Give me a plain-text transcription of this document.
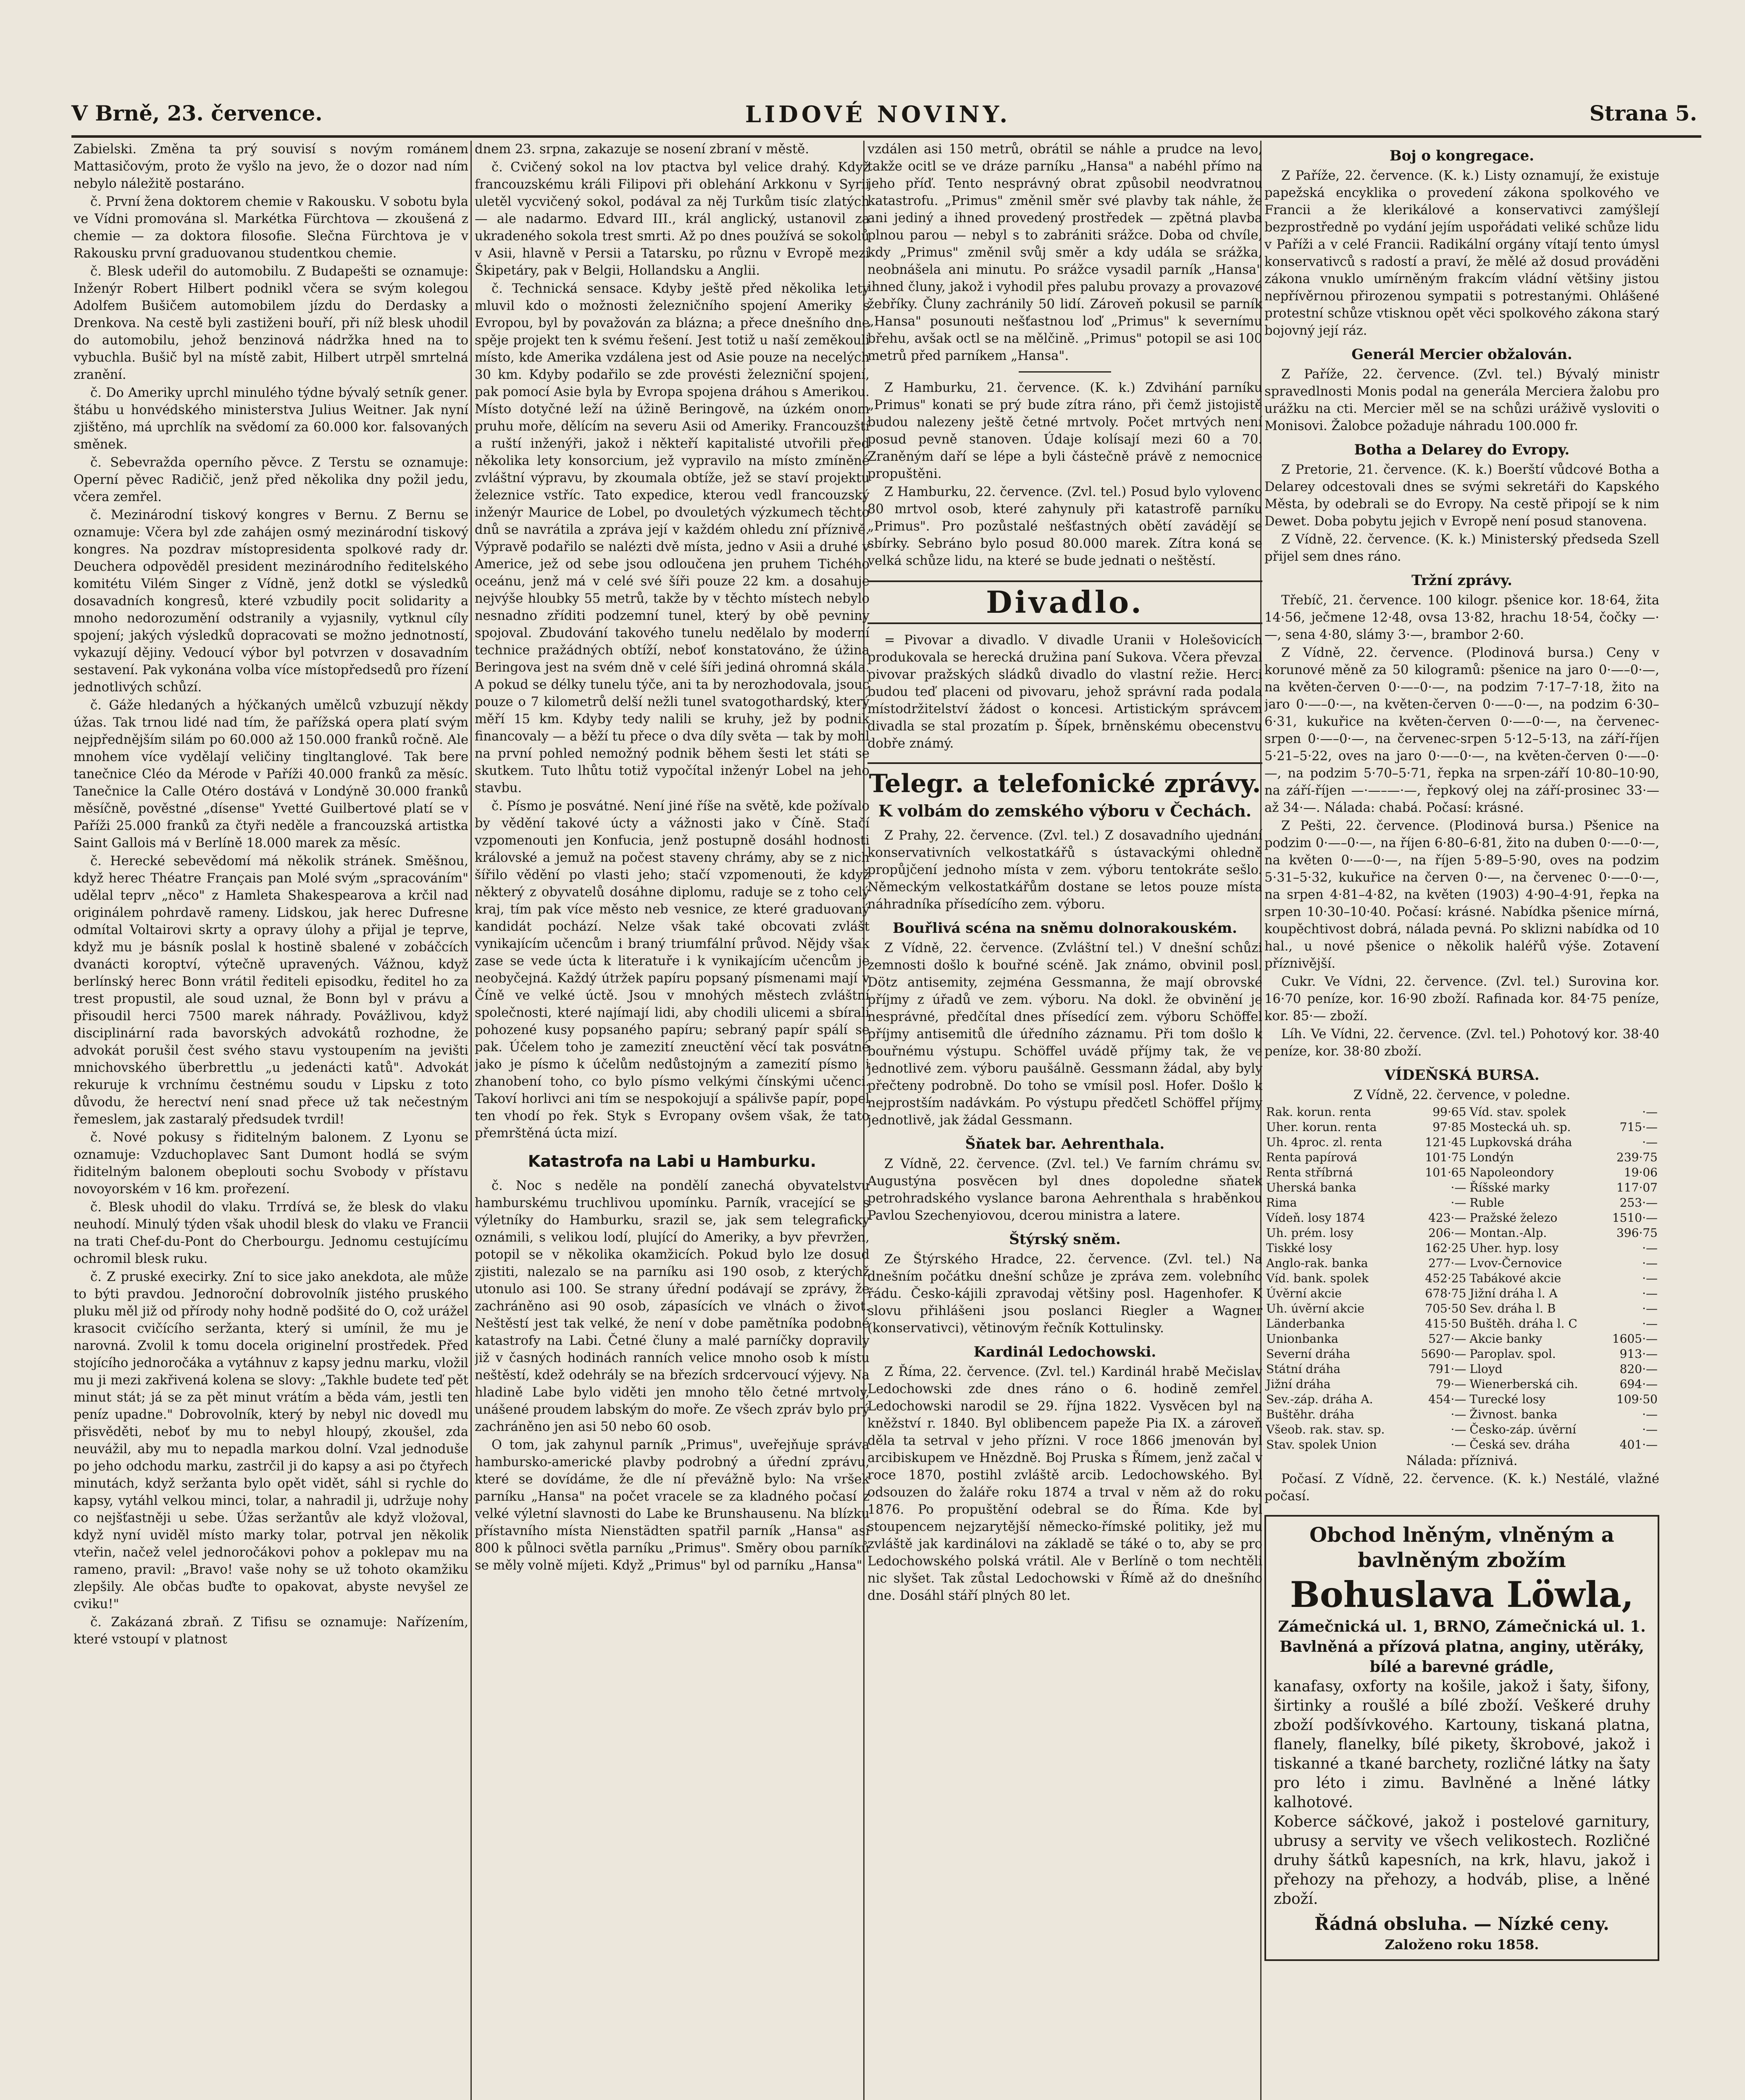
V Brně, 23. července.	LIDOVÉ NOVINY.	Strana 5.

Zabielski. Změna ta prý souvisí s novým románem Mattasičovým, proto že vyšlo na jevo, že o dozor nad ním nebylo náležitě postaráno.

č. První žena doktorem chemie v Rakousku. V sobotu byla ve Vídni promována sl. Markétka Fürchtova — zkoušená z chemie — za doktora filosofie. Slečna Fürchtova je v Rakousku první graduovanou studentkou chemie.

č. Blesk udeřil do automobilu. Z Budapešti se oznamuje: Inženýr Robert Hilbert podnikl včera se svým kolegou Adolfem Bušičem automobilem jízdu do Derdasky a Drenkova. Na cestě byli zastiženi bouří, při níž blesk uhodil do automobilu, jehož benzinová nádržka hned na to vybuchla. Bušič byl na místě zabit, Hilbert utrpěl smrtelná zranění.

č. Do Ameriky uprchl minulého týdne bývalý setník gener. štábu u honvédského ministerstva Julius Weitner. Jak nyní zjištěno, má uprchlík na svědomí za 60.000 kor. falsovaných směnek.

č. Sebevražda operního pěvce. Z Terstu se oznamuje: Operní pěvec Radičič, jenž před několika dny požil jedu, včera zemřel.

č. Mezinárodní tiskový kongres v Bernu. Z Bernu se oznamuje: Včera byl zde zahájen osmý mezinárodní tiskový kongres. Na pozdrav místopresidenta spolkové rady dr. Deuchera odpověděl president mezinárodního ředitelského komitétu Vilém Singer z Vídně, jenž dotkl se výsledků dosavadních kongresů, které vzbudily pocit solidarity a mnoho nedorozumění odstranily a vyjasnily, vytknul cíly spojení; jakých výsledků dopracovati se možno jednotností, vykazují dějiny. Vedoucí výbor byl potvrzen v dosavadním sestavení. Pak vykonána volba více místopředsedů pro řízení jednotlivých schůzí.

č. Gáže hledaných a hýčkaných umělců vzbuzují někdy úžas. Tak trnou lidé nad tím, že pařížská opera platí svým nejpřednějším silám po 60.000 až 150.000 franků ročně. Ale mnohem více vydělají veličiny tingltanglové. Tak bere tanečnice Cléo da Mérode v Paříži 40.000 franků za měsíc. Tanečnice la Calle Otéro dostává v Londýně 30.000 franků měsíčně, pověstné „dísense" Yvetté Guilbertové platí se v Paříži 25.000 franků za čtyři neděle a francouzská artistka Saint Gallois má v Berlíně 18.000 marek za měsíc.

č. Herecké sebevědomí má několik stránek. Směšnou, když herec Théatre Français pan Molé svým „spracováním" udělal teprv „něco" z Hamleta Shakespearova a krčil nad originálem pohrdavě rameny. Lidskou, jak herec Dufresne odmítal Voltairovi skrty a opravy úlohy a přijal je teprve, když mu je básník poslal k hostině sbalené v zobáčcích dvanácti koroptví, výtečně upravených. Vážnou, když berlínský herec Bonn vrátil řediteli episodku, ředitel ho za trest propustil, ale soud uznal, že Bonn byl v právu a přisoudil herci 7500 marek náhrady. Povážlivou, když disciplinární rada bavorských advokátů rozhodne, že advokát porušil čest svého stavu vystoupením na jevišti mnichovského überbrettlu „u jedenácti katů". Advokát rekuruje k vrchnímu čestnému soudu v Lipsku z toto důvodu, že herectví není snad přece už tak nečestným řemeslem, jak zastaralý předsudek tvrdil!

č. Nové pokusy s řiditelným balonem. Z Lyonu se oznamuje: Vzduchoplavec Sant Dumont hodlá se svým řiditelným balonem obeplouti sochu Svobody v přístavu novoyorském v 16 km. prořezení.

č. Blesk uhodil do vlaku. Trrdívá se, že blesk do vlaku neuhodí. Minulý týden však uhodil blesk do vlaku ve Francii na trati Chef-du-Pont do Cherbourgu. Jednomu cestujícímu ochromil blesk ruku.

č. Z pruské execirky. Zní to sice jako anekdota, ale může to býti pravdou. Jednoroční dobrovolník jistého pruského pluku měl již od přírody nohy hodně podšité do O, což urážel krasocit cvičícího seržanta, který si umínil, že mu je narovná. Zvolil k tomu docela originelní prostředek. Před stojícího jednoročáka a vytáhnuv z kapsy jednu marku, vložil mu ji mezi zakřivená kolena se slovy: „Takhle budete teď pět minut stát; já se za pět minut vrátím a běda vám, jestli ten peníz upadne." Dobrovolník, který by nebyl nic dovedl mu přisvěděti, neboť by mu to nebyl hloupý, zkoušel, zda neuvážil, aby mu to nepadla markou dolní. Vzal jednoduše po jeho odchodu marku, zastrčil ji do kapsy a asi po čtyřech minutách, když seržanta bylo opět vidět, sáhl si rychle do kapsy, vytáhl velkou minci, tolar, a nahradil ji, udržuje nohy co nejšťastněji u sebe. Úžas seržantův ale když vložoval, když nyní uviděl místo marky tolar, potrval jen několik vteřin, načež velel jednoročákovi pohov a poklepav mu na rameno, pravil: „Bravo! vaše nohy se už tohoto okamžiku zlepšily. Ale občas buďte to opakovat, abyste nevyšel ze cviku!"

č. Zakázaná zbraň. Z Tifisu se oznamuje: Nařízením, které vstoupí v platnost

dnem 23. srpna, zakazuje se nosení zbraní v městě.

č. Cvičený sokol na lov ptactva byl velice drahý. Když francouzskému králi Filipovi při oblehání Arkkonu v Syrii uletěl vycvičený sokol, podával za něj Turkům tisíc zlatých — ale nadarmo. Edvard III., král anglický, ustanovil za ukradeného sokola trest smrti. Až po dnes používá se sokolů v Asii, hlavně v Persii a Tatarsku, po různu v Evropě mezi Škipetáry, pak v Belgii, Hollandsku a Anglii.

č. Technická sensace. Kdyby ještě před několika lety mluvil kdo o možnosti železničního spojení Ameriky s Evropou, byl by považován za blázna; a přece dnešního dne spěje projekt ten k svému řešení. Jest totiž u naší zeměkouli místo, kde Amerika vzdálena jest od Asie pouze na necelých 30 km. Kdyby podařilo se zde provésti železniční spojení, pak pomocí Asie byla by Evropa spojena dráhou s Amerikou. Místo dotyčné leží na úžině Beringově, na úzkém onom pruhu moře, dělícím na severu Asii od Ameriky. Francouzští a ruští inženýři, jakož i někteří kapitalisté utvořili před několika lety konsorcium, jež vypravilo na místo zmíněné zvláštní výpravu, by zkoumala obtíže, jež se staví projektu železnice vstříc. Tato expedice, kterou vedl francouzský inženýr Maurice de Lobel, po dvouletých výzkumech těchto dnů se navrátila a zpráva její v každém ohledu zní příznivě. Výpravě podařilo se nalézti dvě místa, jedno v Asii a druhé v Americe, jež od sebe jsou odloučena jen pruhem Tichého oceánu, jenž má v celé své šíři pouze 22 km. a dosahuje nejvýše hloubky 55 metrů, takže by v těchto místech nebylo nesnadno zříditi podzemní tunel, který by obě pevniny spojoval. Zbudování takového tunelu nedělalo by moderní technice pražádných obtíží, neboť konstatováno, že úžina Beringova jest na svém dně v celé šíři jediná ohromná skála. A pokud se délky tunelu týče, ani ta by nerozhodovala, jsouc pouze o 7 kilometrů delší nežli tunel svatogothardský, který měří 15 km. Kdyby tedy nalili se kruhy, jež by podnik financovaly — a běží tu přece o dva díly světa — tak by mohl na první pohled nemožný podnik během šesti let státi se skutkem. Tuto lhůtu totiž vypočítal inženýr Lobel na jeho stavbu.

č. Písmo je posvátné. Není jiné říše na světě, kde požívalo by vědění takové úcty a vážnosti jako v Číně. Stačí vzpomenouti jen Konfucia, jenž postupně dosáhl hodnosti královské a jemuž na počest staveny chrámy, aby se z nich šířilo vědění po vlasti jeho; stačí vzpomenouti, že když některý z obyvatelů dosáhne diplomu, raduje se z toho celý kraj, tím pak více město neb vesnice, ze které graduovaný kandidát pochází. Nelze však také obcovati zvlášt vynikajícím učencům i braný triumfální průvod. Nějdy však zase se vede úcta k literatuře i k vynikajícím učencům je neobyčejná. Každý útržek papíru popsaný písmenami mají v Číně ve velké úctě. Jsou v mnohých městech zvláštní společnosti, které najímají lidi, aby chodili ulicemi a sbírali pohozené kusy popsaného papíru; sebraný papír spálí se pak. Účelem toho je zamezití zneuctění věcí tak posvátné jako je písmo k účelům nedůstojným a zamezití písmo i zhanobení toho, co bylo písmo velkými čínskými učenci. Takoví horlivci ani tím se nespokojují a spálivše papír, popel ten vhodí po řek. Styk s Evropany ovšem však, že tato přemrštěná úcta mizí.

Katastrofa na Labi u Hamburku.

č. Noc s neděle na pondělí zanechá obyvatelstvu hamburskému truchlivou upomínku. Parník, vracející se s výletníky do Hamburku, srazil se, jak sem telegraficky oznámili, s velikou lodí, plující do Ameriky, a byv převržen, potopil se v několika okamžicích. Pokud bylo lze dosud zjistiti, nalezalo se na parníku asi 190 osob, z kterýchž utonulo asi 100. Se strany úřední podávají se zprávy, že zachráněno asi 90 osob, zápasících ve vlnách o život. Neštěstí jest tak velké, že není v dobe pamětníka podobné katastrofy na Labi. Četné čluny a malé parníčky dopravily již v časných hodinách ranních velice mnoho osob k místu neštěstí, kdež odehrály se na březích srdcervoucí výjevy. Na hladině Labe bylo viděti jen mnoho tělo četné mrtvoly, unášené proudem labským do moře. Ze všech zpráv bylo prý zachráněno jen asi 50 nebo 60 osob.

O tom, jak zahynul parník „Primus", uveřejňuje správa hambursko-americké plavby podrobný a úřední zprávu, které se dovídáme, že dle ní převážně bylo: Na vršek parníku „Hansa" na počet vracele se za kladného počasí z velké výletní slavnosti do Labe ke Brunshausenu. Na blízku přístavního místa Nienstädten spatřil parník „Hansa" asi 800 k půlnoci světla parníku „Primus". Směry obou parníků se měly volně míjeti. Když „Primus" byl od parníku „Hansa"

vzdálen asi 150 metrů, obrátil se náhle a prudce na levo, takže ocitl se ve dráze parníku „Hansa" a nabéhl přímo na jeho příď. Tento nesprávný obrat způsobil neodvratnou katastrofu. „Primus" změnil směr své plavby tak náhle, že ani jediný a ihned provedený prostředek — zpětná plavba plnou parou — nebyl s to zabrániti srážce. Doba od chvíle, kdy „Primus" změnil svůj směr a kdy udála se srážka, neobnášela ani minutu. Po srážce vysadil parník „Hansa" ihned čluny, jakož i vyhodil přes palubu provazy a provazové žebříky. Čluny zachránily 50 lidí. Zároveň pokusil se parník „Hansa" posunouti nešťastnou loď „Primus" k severnímu břehu, avšak octl se na mělčině. „Primus" potopil se asi 100 metrů před parníkem „Hansa".

Z Hamburku, 21. července. (K. k.) Zdvihání parníku „Primus" konati se prý bude zítra ráno, při čemž jistojistě budou nalezeny ještě četné mrtvoly. Počet mrtvých není posud pevně stanoven. Údaje kolísají mezi 60 a 70. Zraněným daří se lépe a byli částečně právě z nemocnice propuštěni.

Z Hamburku, 22. července. (Zvl. tel.) Posud bylo vyloveno 80 mrtvol osob, které zahynuly při katastrofě parníku „Primus". Pro pozůstalé nešťastných obětí zavádějí se sbírky. Sebráno bylo posud 80.000 marek. Zítra koná se velká schůze lidu, na které se bude jednati o neštěstí.

Divadlo.

= Pivovar a divadlo. V divadle Uranii v Holešovicích produkovala se herecká družina paní Sukova. Včera převzal pivovar pražských sládků divadlo do vlastní režie. Herci budou teď placeni od pivovaru, jehož správní rada podala místodržitelství žádost o koncesi. Artistickým správcem divadla se stal prozatím p. Šípek, brněnskému obecenstvu dobře známý.

Telegr. a telefonické zprávy.
K volbám do zemského výboru v Čechách.

Z Prahy, 22. července. (Zvl. tel.) Z dosavadního ujednání konservativních velkostatkářů s ústavackými ohledně propůjčení jednoho místa v zem. výboru tentokráte sešlo. Německým velkostatkářům dostane se letos pouze místa náhradníka přísedícího zem. výboru.

Bouřlivá scéna na sněmu dolnorakouském.

Z Vídně, 22. července. (Zvláštní tel.) V dnešní schůzi zemnosti došlo k bouřné scéně. Jak známo, obvinil posl. Dötz antisemity, zejména Gessmanna, že mají obrovské příjmy z úřadů ve zem. výboru. Na dokl. že obvinění je nesprávné, předčítal dnes přísedící zem. výboru Schöffel příjmy antisemitů dle úředního záznamu. Při tom došlo k bouřnému výstupu. Schöffel uvádě příjmy tak, že ve jednotlivé zem. výboru paušálně. Gessmann žádal, aby byly přečteny podrobně. Do toho se vmísil posl. Hofer. Došlo k nejprostším nadávkám. Po výstupu předčetl Schöffel příjmy jednotlivě, jak žádal Gessmann.

Šňatek bar. Aehrenthala.

Z Vídně, 22. července. (Zvl. tel.) Ve farním chrámu sv. Augustýna posvěcen byl dnes dopoledne sňatek petrohradského vyslance barona Aehrenthala s hraběnkou Pavlou Szechenyiovou, dcerou ministra a latere.

Štýrský sněm.

Ze Štýrského Hradce, 22. července. (Zvl. tel.) Na dnešním počátku dnešní schůze je zpráva zem. volebního řádu. Česko-kájili zpravodaj většiny posl. Hagenhofer. K slovu přihlášeni jsou poslanci Riegler a Wagner (konservativci), větinovým řečník Kottulinsky.

Kardinál Ledochowski.

Z Říma, 22. července. (Zvl. tel.) Kardinál hrabě Mečislav Ledochowski zde dnes ráno o 6. hodině zemřel. Ledochowski narodil se 29. října 1822. Vysvěcen byl na kněžství r. 1840. Byl oblibencem papeže Pia IX. a zároveň děla ta setrval v jeho přízni. V roce 1866 jmenován byl arcibiskupem ve Hnězdně. Boj Pruska s Římem, jenž začal v roce 1870, postihl zvláště arcib. Ledochowského. Byl odsouzen do žaláře roku 1874 a trval v něm až do roku 1876. Po propuštění odebral se do Říma. Kde byl stoupencem nejzarytější německo-římské politiky, jež mu zvláště jak kardinálovi na základě se táké o to, aby se pro Ledochowského polská vrátil. Ale v Berlíně o tom nechtěli nic slyšet. Tak zůstal Ledochowski v Římě až do dnešního dne. Dosáhl stáří plných 80 let.

Boj o kongregace.

Z Paříže, 22. července. (K. k.) Listy oznamují, že existuje papežská encyklika o provedení zákona spolkového ve Francii a že klerikálové a konservativci zamýšlejí bezprostředně po vydání jejím uspořádati veliké schůze lidu v Paříži a v celé Francii. Radikální orgány vítají tento úmysl konservativců s radostí a praví, že mělé až dosud prováděni zákona vnuklo umírněným frakcím vládní většiny jistou nepřívěrnou přirozenou sympatii s potrestanými. Ohlášené protestní schůze vtisknou opět věci spolkového zákona starý bojovný její ráz.

Generál Mercier obžalován.

Z Paříže, 22. července. (Zvl. tel.) Bývalý ministr spravedlnosti Monis podal na generála Merciera žalobu pro urážku na cti. Mercier měl se na schůzi uráživě vysloviti o Monisovi. Žalobce požaduje náhradu 100.000 fr.

Botha a Delarey do Evropy.

Z Pretorie, 21. července. (K. k.) Boerští vůdcové Botha a Delarey odcestovali dnes se svými sekretáři do Kapského Města, by odebrali se do Evropy. Na cestě připojí se k nim Dewet. Doba pobytu jejich v Evropě není posud stanovena.

Z Vídně, 22. července. (K. k.) Ministerský předseda Szell přijel sem dnes ráno.

Tržní zprávy.

Třebíč, 21. července. 100 kilogr. pšenice kor. 18·64, žita 14·56, ječmene 12·48, ovsa 13·82, hrachu 18·54, čočky —·—, sena 4·80, slámy 3·—, brambor 2·60.

Z Vídně, 22. července. (Plodinová bursa.) Ceny v korunové měně za 50 kilogramů: pšenice na jaro 0·—–0·—, na květen-červen 0·—–0·—, na podzim 7·17–7·18, žito na jaro 0·—–0·—, na květen-červen 0·—–0·—, na podzim 6·30–6·31, kukuřice na květen-červen 0·—–0·—, na červenec-srpen 0·—–0·—, na červenec-srpen 5·12–5·13, na září-říjen 5·21–5·22, oves na jaro 0·—–0·—, na květen-červen 0·—–0·—, na podzim 5·70–5·71, řepka na srpen-září 10·80–10·90, na září-říjen —·—–—·—, řepkový olej na září-prosinec 33·— až 34·—. Nálada: chabá. Počasí: krásné.

Z Pešti, 22. července. (Plodinová bursa.) Pšenice na podzim 0·—–0·—, na říjen 6·80–6·81, žito na duben 0·—–0·—, na květen 0·—–0·—, na říjen 5·89–5·90, oves na podzim 5·31–5·32, kukuřice na červen 0·—, na červenec 0·—–0·—, na srpen 4·81–4·82, na květen (1903) 4·90–4·91, řepka na srpen 10·30–10·40. Počasí: krásné. Nabídka pšenice mírná, koupěchtivost dobrá, nálada pevná. Po sklizni nabídka od 10 hal., u nové pšenice o několik haléřů výše. Zotavení příznivější.

Cukr. Ve Vídni, 22. července. (Zvl. tel.) Surovina kor. 16·70 peníze, kor. 16·90 zboží. Rafinada kor. 84·75 peníze, kor. 85·— zboží.

Líh. Ve Vídni, 22. července. (Zvl. tel.) Pohotový kor. 38·40 peníze, kor. 38·80 zboží.

VÍDEŇSKÁ BURSA.

Z Vídně, 22. července, v poledne.

Rak. korun. renta	99·65	Víd. stav. spolek	·—
Uher. korun. renta	97·85	Mostecká uh. sp.	715·—
Uh. 4proc. zl. renta	121·45	Lupkovská dráha	·—
Renta papírová	101·75	Londýn	239·75
Renta stříbrná	101·65	Napoleondory	19·06
Uherská banka	·—	Říšské marky	117·07
Rima	·—	Ruble	253·—
Vídeň. losy 1874	423·—	Pražské železo	1510·—
Uh. prém. losy	206·—	Montan.-Alp.	396·75
Tiskké losy	162·25	Uher. hyp. losy	·—
Anglo-rak. banka	277·—	Lvov-Černovice	·—
Víd. bank. spolek	452·25	Tabákové akcie	·—
Úvěrní akcie	678·75	Jižní dráha l. A	·—
Uh. úvěrní akcie	705·50	Sev. dráha l. B	·—
Länderbanka	415·50	Buštěh. dráha l. C	·—
Unionbanka	527·—	Akcie banky	1605·—
Severní dráha	5690·—	Paroplav. spol.	913·—
Státní dráha	791·—	Lloyd	820·—
Jižní dráha	79·—	Wienerberská cih.	694·—
Sev.-záp. dráha A.	454·—	Turecké losy	109·50
Buštěhr. dráha	·—	Živnost. banka	·—
Všeob. rak. stav. sp.	·—	Česko-záp. úvěrní	·—
Stav. spolek Union	·—	Česká sev. dráha	401·—

Nálada: příznivá.

Počasí. Z Vídně, 22. července. (K. k.) Nestálé, vlažné počasí.

Obchod lněným, vlněným a bavlněným zbožím
Bohuslava Löwla,
Zámečnická ul. 1, BRNO, Zámečnická ul. 1.
Bavlněná a přízová platna, anginy, utěráky,
bílé a barevné grádle,
kanafasy, oxforty na košile, jakož i šaty, šifony, širtinky a roušlé a bílé zboží. Veškeré druhy zboží podšívkového. Kartouny, tiskaná platna, flanely, flanelky, bílé pikety, škrobové, jakož i tiskanné a tkané barchety, rozličné látky na šaty pro léto i zimu. Bavlněné a lněné látky kalhotové.
Koberce sáčkové, jakož i postelové garnitury, ubrusy a servity ve všech velikostech. Rozličné druhy šátků kapesních, na krk, hlavu, jakož i přehozy na přehozy, a hodváb, plise, a lněné zboží.
Řádná obsluha. — Nízké ceny.
Založeno roku 1858.
